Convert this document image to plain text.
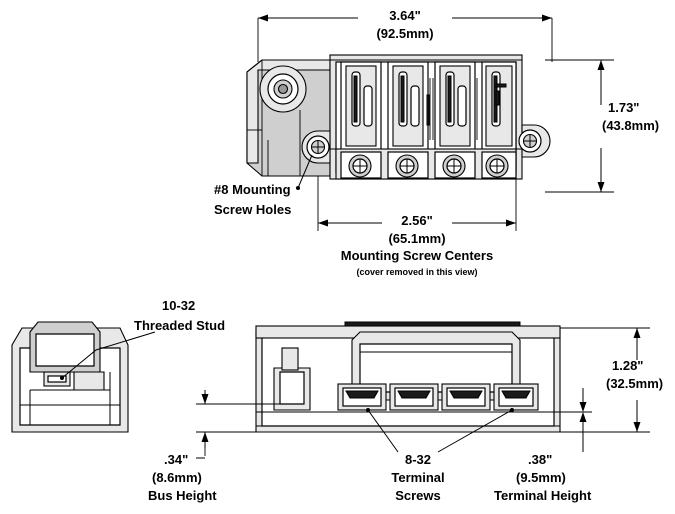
3.64"
(92.5mm)
1.73"
(43.8mm)
2.56"
(65.1mm)
Mounting Screw Centers
(cover removed in this view)
#8 Mounting
Screw Holes
10-32
Threaded Stud
8-32
Terminal
Screws
.34"
(8.6mm)
Bus Height
.38"
(9.5mm)
Terminal Height
1.28"
(32.5mm)
